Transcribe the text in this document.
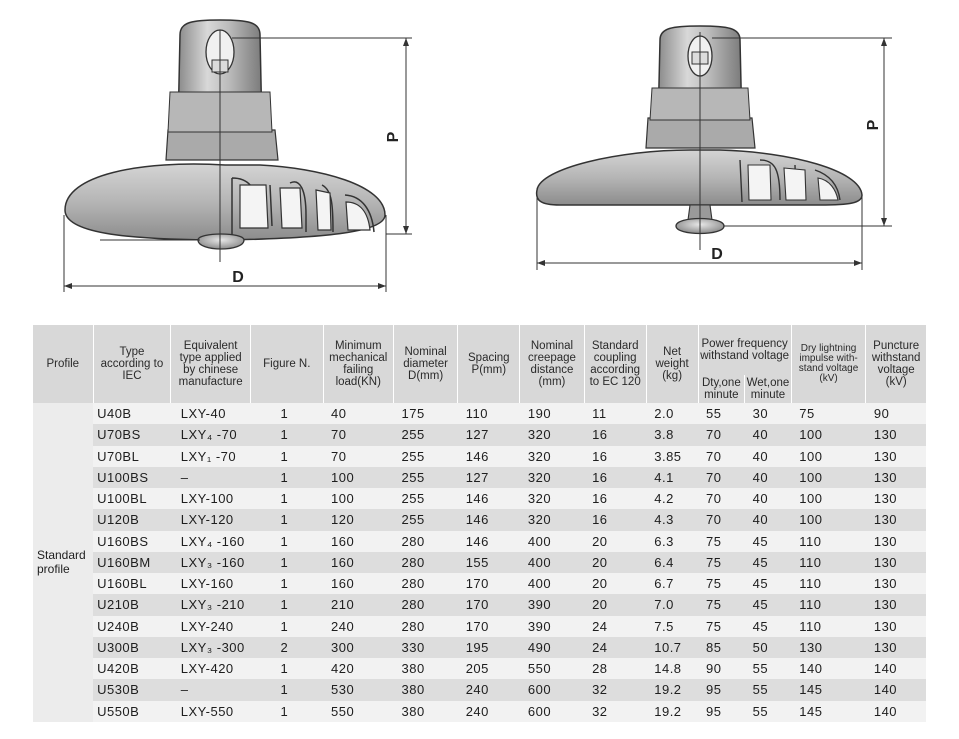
P
D
P
D
Profile	Type according to IEC	Equivalent type applied by chinese manufacture	Figure N.	Minimum mechanical failing load(KN)	Nominal diameter D(mm)	Spacing P(mm)	Nominal creepage distance (mm)	Standard coupling according to EC 120	Net weight (kg)	Power frequency withstand voltage		Dry lightning impulse with-stand voltage (kV)	Puncture withstand voltage (kV)
										Dty,one minute	Wet,one minute		
Standard profile	U40B	LXY-40	1	40	175	110	190	11	2.0	55	30	75	90
	U70BS	LXY₄ -70	1	70	255	127	320	16	3.8	70	40	100	130
	U70BL	LXY₁ -70	1	70	255	146	320	16	3.85	70	40	100	130
	U100BS	–	1	100	255	127	320	16	4.1	70	40	100	130
	U100BL	LXY-100	1	100	255	146	320	16	4.2	70	40	100	130
	U120B	LXY-120	1	120	255	146	320	16	4.3	70	40	100	130
	U160BS	LXY₄ -160	1	160	280	146	400	20	6.3	75	45	110	130
	U160BM	LXY₃ -160	1	160	280	155	400	20	6.4	75	45	110	130
	U160BL	LXY-160	1	160	280	170	400	20	6.7	75	45	110	130
	U210B	LXY₃ -210	1	210	280	170	390	20	7.0	75	45	110	130
	U240B	LXY-240	1	240	280	170	390	24	7.5	75	45	110	130
	U300B	LXY₃ -300	2	300	330	195	490	24	10.7	85	50	130	130
	U420B	LXY-420	1	420	380	205	550	28	14.8	90	55	140	140
	U530B	–	1	530	380	240	600	32	19.2	95	55	145	140
	U550B	LXY-550	1	550	380	240	600	32	19.2	95	55	145	140
